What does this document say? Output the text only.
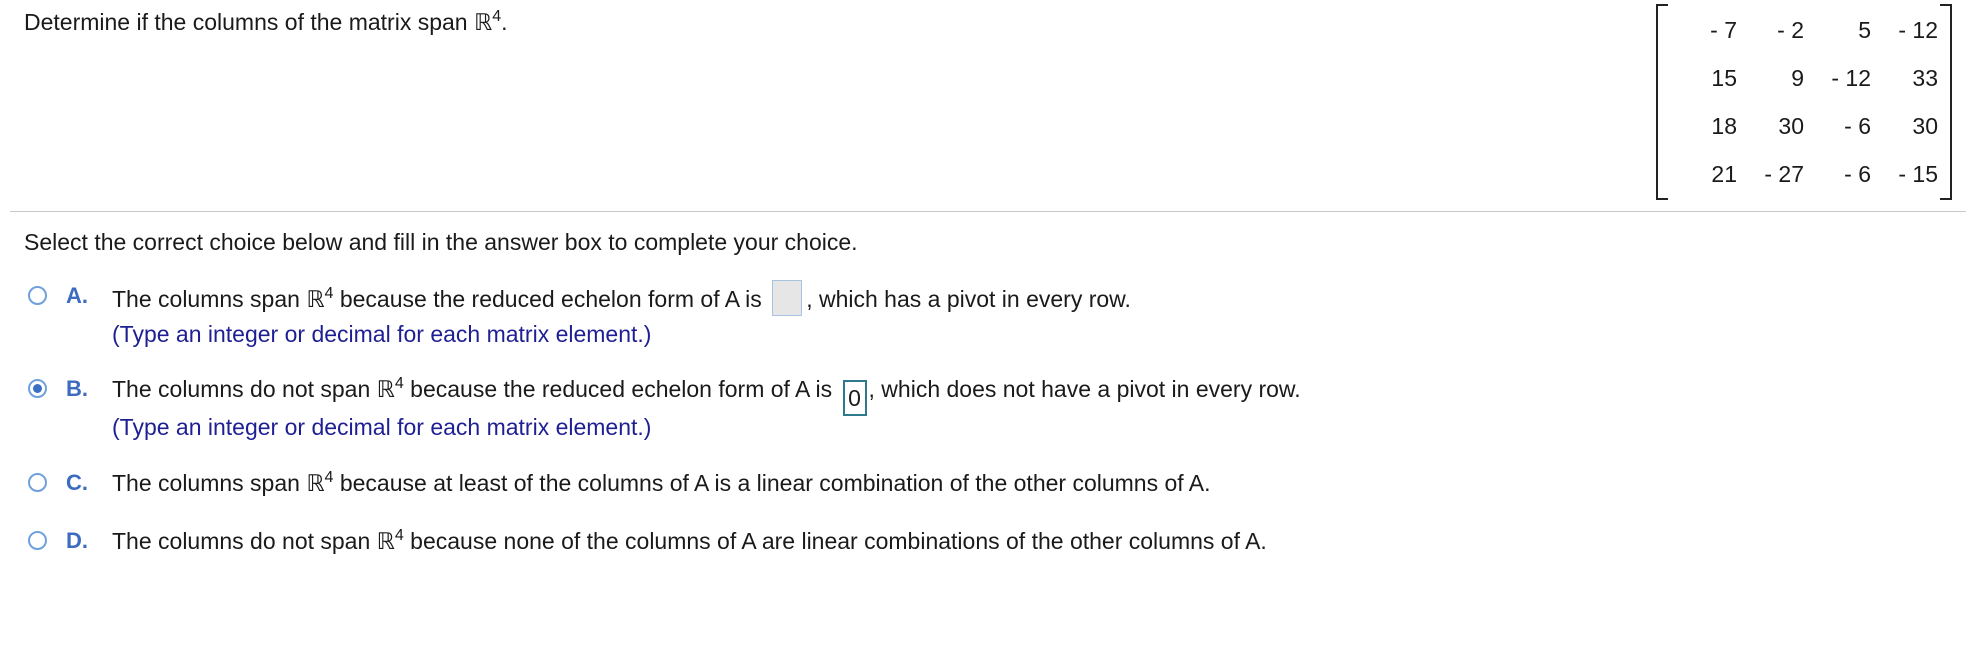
Determine if the columns of the matrix span ℝ$^4$.	- 7	- 2	5	- 12
15	9	- 12	33
18	30	- 6	30
21	- 27	- 6	- 15
Select the correct choice below and fill in the answer box to complete your choice.
A. The columns span ℝ$^4$ because the reduced echelon form of A is , which has a pivot in every row.
(Type an integer or decimal for each matrix element.)
B. The columns do not span ℝ$^4$ because the reduced echelon form of A is 0 , which does not have a pivot in every row.
(Type an integer or decimal for each matrix element.)
C. The columns span ℝ$^4$ because at least of the columns of A is a linear combination of the other columns of A.
D. The columns do not span ℝ$^4$ because none of the columns of A are linear combinations of the other columns of A.
